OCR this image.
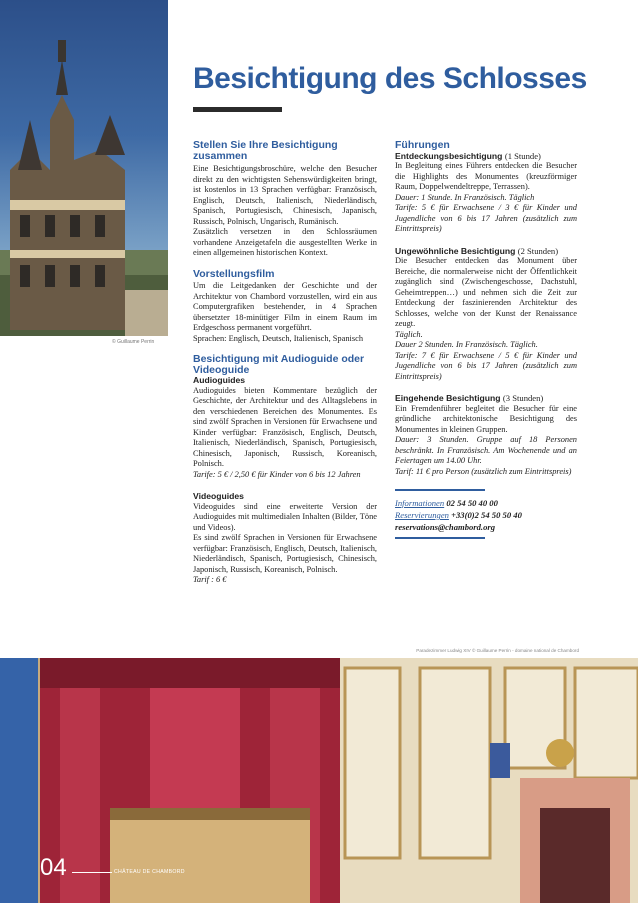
© Guillaume Perrin
Besichtigung des Schlosses

Stellen Sie Ihre Besichtigung zusammen

Eine Besichtigungsbroschüre, welche den Besucher direkt zu den wichtigsten Sehenswürdigkeiten bringt, ist kostenlos in 13 Sprachen verfügbar: Französisch, Englisch, Deutsch, Italienisch, Niederländisch, Spanisch, Portugiesisch, Chinesisch, Japanisch, Russisch, Polnisch, Ungarisch, Rumänisch.

Zusätzlich versetzen in den Schlossräumen vorhandene Anzeigetafeln die ausgestellten Werke in einen allgemeinen historischen Kontext.

Vorstellungsfilm

Um die Leitgedanken der Geschichte und der Architektur von Chambord vorzustellen, wird ein aus Computergrafiken bestehender, in 4 Sprachen übersetzter 18-minütiger Film in einem Raum im Erdgeschoss permanent vorgeführt.

Sprachen: Englisch, Deutsch, Italienisch, Spanisch

Besichtigung mit Audioguide oder Videoguide

Audioguides

Audioguides bieten Kommentare bezüglich der Geschichte, der Architektur und des Alltagslebens in den verschiedenen Bereichen des Monumentes. Es sind zwölf Sprachen in Versionen für Erwachsene und Kinder verfügbar: Französisch, Englisch, Deutsch, Italienisch, Niederländisch, Spanisch, Portugiesisch, Chinesisch, Japonisch, Russisch, Koreanisch, Polnisch.

Tarife: 5 € / 2,50 € für Kinder von 6 bis 12 Jahren

Videoguides

Videoguides sind eine erweiterte Version der Audioguides mit multimedialen Inhalten (Bilder, Töne und Videos).

Es sind zwölf Sprachen in Versionen für Erwachsene verfügbar: Französisch, Englisch, Deutsch, Italienisch, Niederländisch, Spanisch, Portugiesisch, Chinesisch, Japonisch, Russisch, Koreanisch, Polnisch.

Tarif : 6 €

Führungen

Entdeckungsbesichtigung (1 Stunde)

In Begleitung eines Führers entdecken die Besucher die Highlights des Monumentes (kreuzförmiger Raum, Doppelwendeltreppe, Terrassen).

Dauer: 1 Stunde. In Französisch. Täglich

Tarife: 5 € für Erwachsene / 3 € für Kinder und Jugendliche von 6 bis 17 Jahren (zusätzlich zum Eintrittspreis)

Ungewöhnliche Besichtigung (2 Stunden)

Die Besucher entdecken das Monument über Bereiche, die normalerweise nicht der Öffentlichkeit zugänglich sind (Zwischengeschosse, Dachstuhl, Geheimtreppen…) und nehmen sich die Zeit zur Entdeckung der faszinierenden Architektur des Schlosses, welche von der Kunst der Renaissance zeugt.

Täglich.

Dauer 2 Stunden. In Französisch. Täglich.

Tarife: 7 € für Erwachsene / 5 € für Kinder und Jugendliche von 6 bis 17 Jahren (zusätzlich zum Eintrittspreis)

Eingehende Besichtigung (3 Stunden)

Ein Fremdenführer begleitet die Besucher für eine gründliche architektonische Besichtigung des Monumentes in kleinen Gruppen.

Dauer: 3 Stunden. Gruppe auf 18 Personen beschränkt. In Französisch. Am Wochenende und an Feiertagen um 14.00 Uhr.

Tarif: 11 € pro Person (zusätzlich zum Eintrittspreis)

Informationen 02 54 50 40 00
Reservierungen +33(0)2 54 50 50 40
reservations@chambord.org
Paradezimmer Ludwig XIV © Guillaume Perrin - domaine national de Chambord
04	CHÂTEAU DE CHAMBORD
